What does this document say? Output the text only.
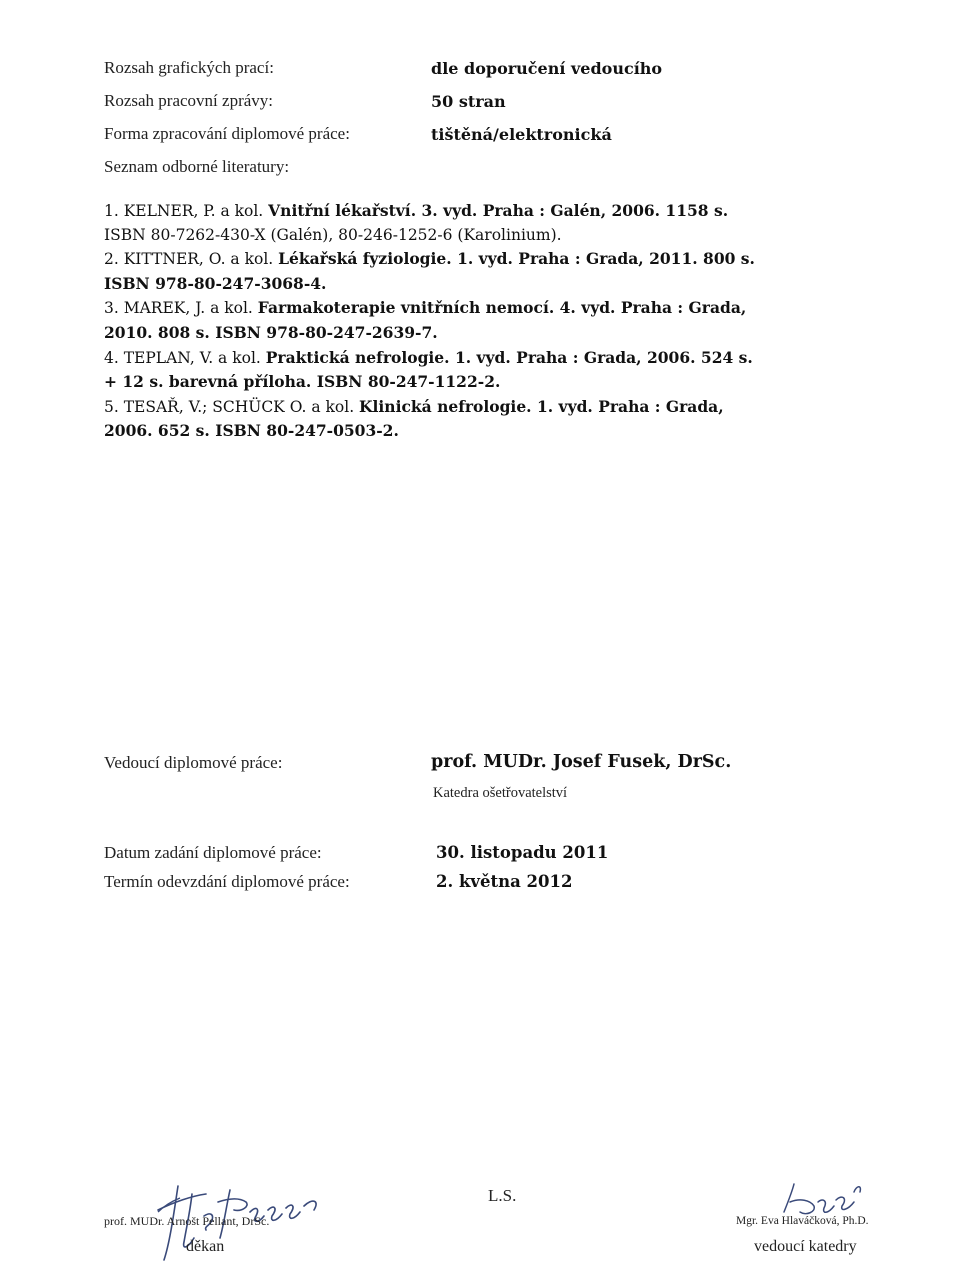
Rozsah grafických prací:	dle doporučení vedoucího
Rozsah pracovní zprávy:	50 stran
Forma zpracování diplomové práce:	tištěná/elektronická
Seznam odborné literatury:
1. KELNER, P. a kol. Vnitřní lékařství. 3. vyd. Praha : Galén, 2006. 1158 s.
ISBN 80-7262-430-X (Galén), 80-246-1252-6 (Karolinium).
2. KITTNER, O. a kol. Lékařská fyziologie. 1. vyd. Praha : Grada, 2011. 800 s.
ISBN 978-80-247-3068-4.
3. MAREK, J. a kol. Farmakoterapie vnitřních nemocí. 4. vyd. Praha : Grada,
2010. 808 s. ISBN 978-80-247-2639-7.
4. TEPLAN, V. a kol. Praktická nefrologie. 1. vyd. Praha : Grada, 2006. 524 s.
+ 12 s. barevná příloha. ISBN 80-247-1122-2.
5. TESAŘ, V.; SCHÜCK O. a kol. Klinická nefrologie. 1. vyd. Praha : Grada,
2006. 652 s. ISBN 80-247-0503-2.
Vedoucí diplomové práce:	prof. MUDr. Josef Fusek, DrSc.
Katedra ošetřovatelství
Datum zadání diplomové práce:	30. listopadu 2011
Termín odevzdání diplomové práce:	2. května 2012
prof. MUDr. Arnošt Pellant, DrSc.
děkan
L.S.
Mgr. Eva Hlaváčková, Ph.D.
vedoucí katedry
